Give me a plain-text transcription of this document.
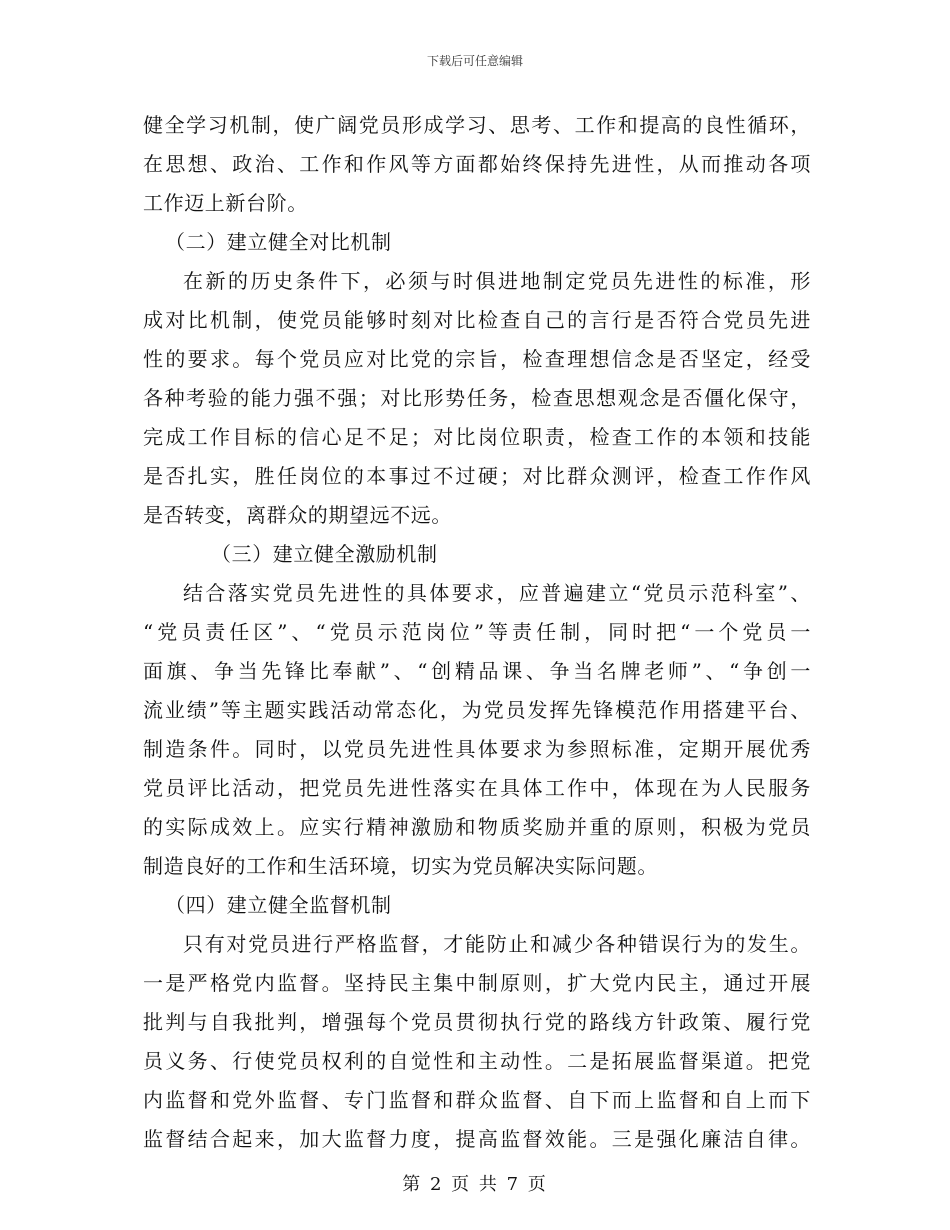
下载后可任意编辑
健全学习机制，使广阔党员形成学习、思考、工作和提高的良性循环，
在思想、政治、工作和作风等方面都始终保持先进性，从而推动各项
工作迈上新台阶。
（二）建立健全对比机制
在新的历史条件下，必须与时俱进地制定党员先进性的标准，形
成对比机制，使党员能够时刻对比检查自己的言行是否符合党员先进
性的要求。每个党员应对比党的宗旨，检查理想信念是否坚定，经受
各种考验的能力强不强；对比形势任务，检查思想观念是否僵化保守，
完成工作目标的信心足不足；对比岗位职责，检查工作的本领和技能
是否扎实，胜任岗位的本事过不过硬；对比群众测评，检查工作作风
是否转变，离群众的期望远不远。
（三）建立健全激励机制
结合落实党员先进性的具体要求，应普遍建立“党员示范科室”、
“党员责任区”、“党员示范岗位”等责任制，同时把“一个党员一
面旗、争当先锋比奉献”、“创精品课、争当名牌老师”、“争创一
流业绩”等主题实践活动常态化，为党员发挥先锋模范作用搭建平台、
制造条件。同时，以党员先进性具体要求为参照标准，定期开展优秀
党员评比活动，把党员先进性落实在具体工作中，体现在为人民服务
的实际成效上。应实行精神激励和物质奖励并重的原则，积极为党员
制造良好的工作和生活环境，切实为党员解决实际问题。
（四）建立健全监督机制
只有对党员进行严格监督，才能防止和减少各种错误行为的发生。
一是严格党内监督。坚持民主集中制原则，扩大党内民主，通过开展
批判与自我批判，增强每个党员贯彻执行党的路线方针政策、履行党
员义务、行使党员权利的自觉性和主动性。二是拓展监督渠道。把党
内监督和党外监督、专门监督和群众监督、自下而上监督和自上而下
监督结合起来，加大监督力度，提高监督效能。三是强化廉洁自律。
第 2 页 共 7 页
